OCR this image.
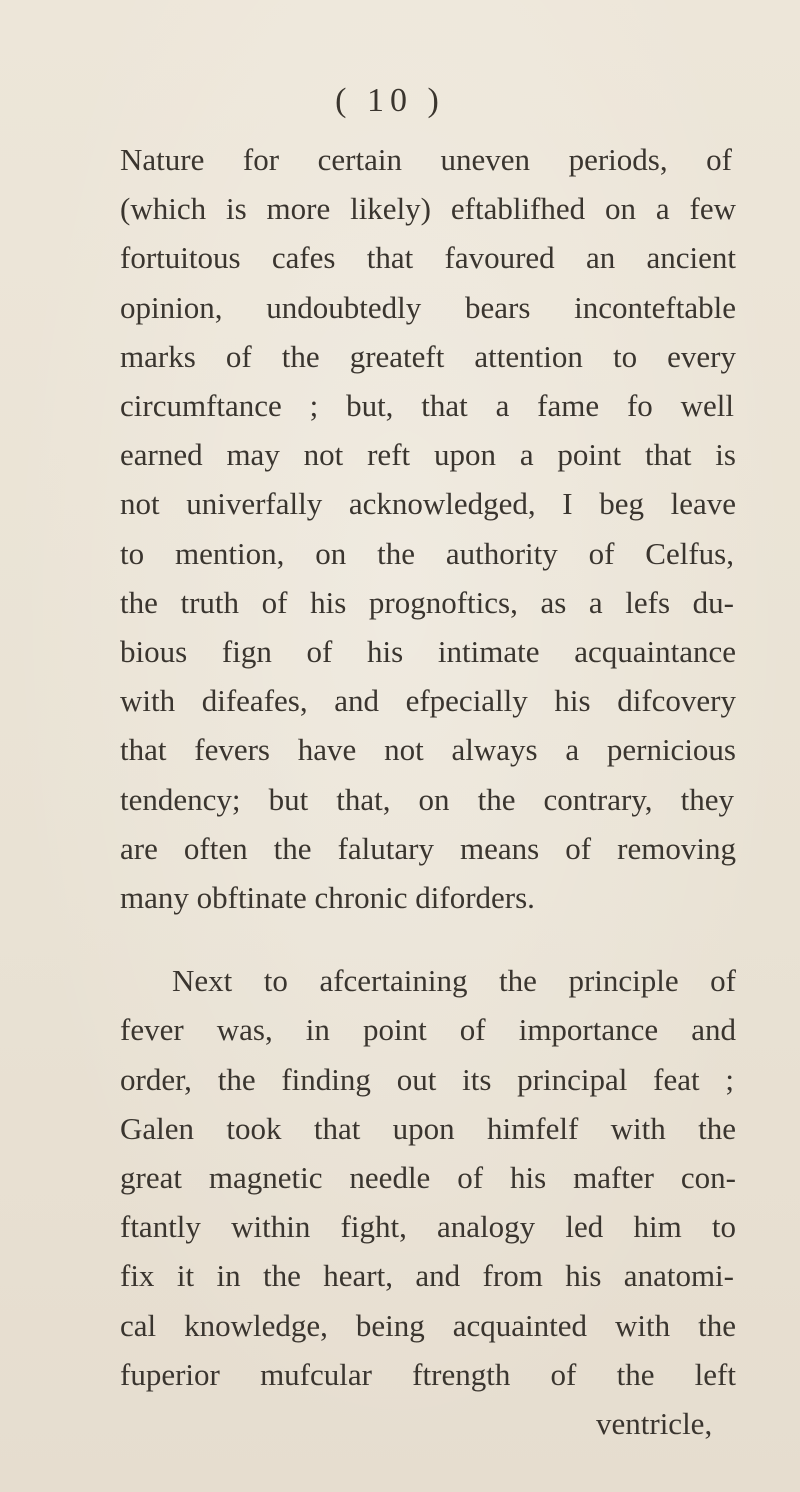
( 10 )
Nature for certain uneven periods, of
(which is more likely) eftablifhed on a few
fortuitous cafes that favoured an ancient
opinion, undoubtedly bears inconteftable
marks of the greateft attention to every
circumftance ; but, that a fame fo well
earned may not reft upon a point that is
not univerfally acknowledged, I beg leave
to mention, on the authority of Celfus,
the truth of his prognoftics, as a lefs du-
bious fign of his intimate acquaintance
with difeafes, and efpecially his difcovery
that fevers have not always a pernicious
tendency; but that, on the contrary, they
are often the falutary means of removing
many obftinate chronic diforders.
Next to afcertaining the principle of
fever was, in point of importance and
order, the finding out its principal feat ;
Galen took that upon himfelf with the
great magnetic needle of his mafter con-
ftantly within fight, analogy led him to
fix it in the heart, and from his anatomi-
cal knowledge, being acquainted with the
fuperior mufcular ftrength of the left
ventricle,
